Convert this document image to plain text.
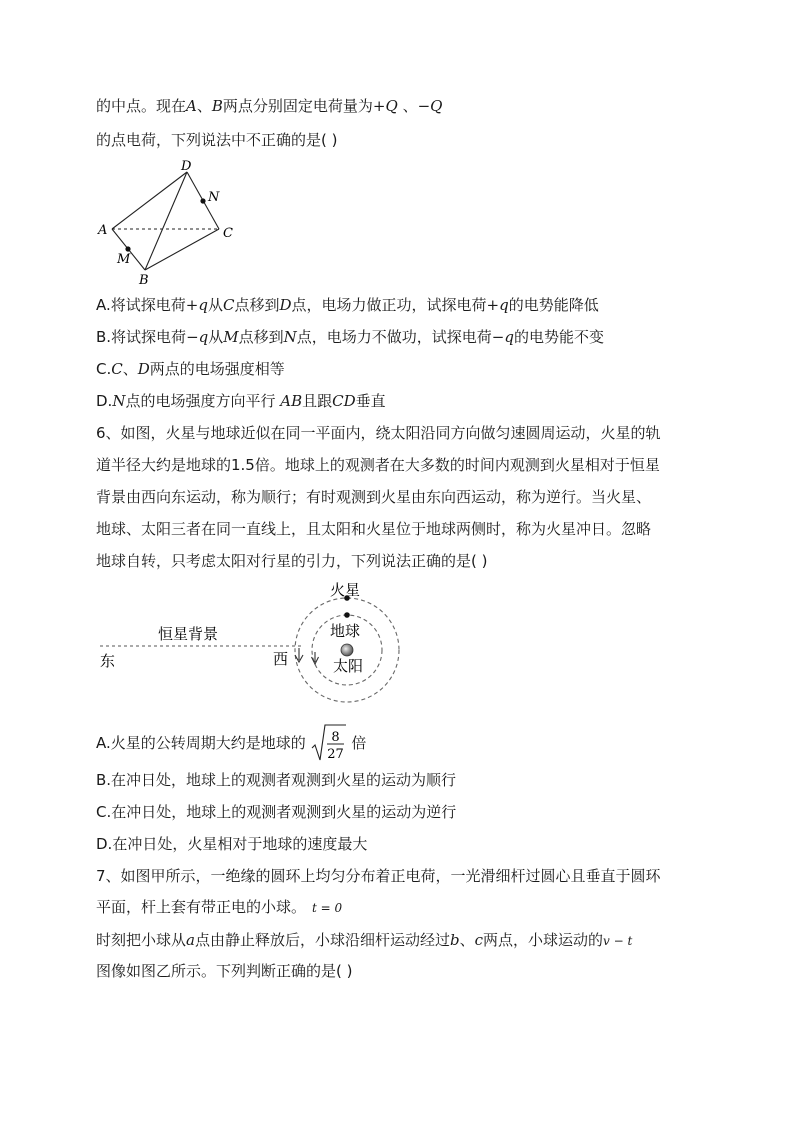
的中点。现在A、B两点分别固定电荷量为+Q 、−Q
的点电荷，下列说法中不正确的是( )
A
B
C
D
M
N
A.将试探电荷+q从C点移到D点，电场力做正功，试探电荷+q的电势能降低
B.将试探电荷−q从M点移到N点，电场力不做功，试探电荷−q的电势能不变
C.C、D两点的电场强度相等
D.N点的电场强度方向平行 AB且跟CD垂直
6、如图，火星与地球近似在同一平面内，绕太阳沿同方向做匀速圆周运动，火星的轨
道半径大约是地球的1.5倍。地球上的观测者在大多数的时间内观测到火星相对于恒星
背景由西向东运动，称为顺行；有时观测到火星由东向西运动，称为逆行。当火星、
地球、太阳三者在同一直线上，且太阳和火星位于地球两侧时，称为火星冲日。忽略
地球自转，只考虑太阳对行星的引力，下列说法正确的是( )
火星
地球
太阳
恒星背景
东	西
A.火星的公转周期大约是地球的 8
27
倍
B.在冲日处，地球上的观测者观测到火星的运动为顺行
C.在冲日处，地球上的观测者观测到火星的运动为逆行
D.在冲日处，火星相对于地球的速度最大
7、如图甲所示，一绝缘的圆环上均匀分布着正电荷，一光滑细杆过圆心且垂直于圆环
平面，杆上套有带正电的小球。 t = 0
时刻把小球从a点由静止释放后，小球沿细杆运动经过b、c两点，小球运动的v − t
图像如图乙所示。下列判断正确的是( )
